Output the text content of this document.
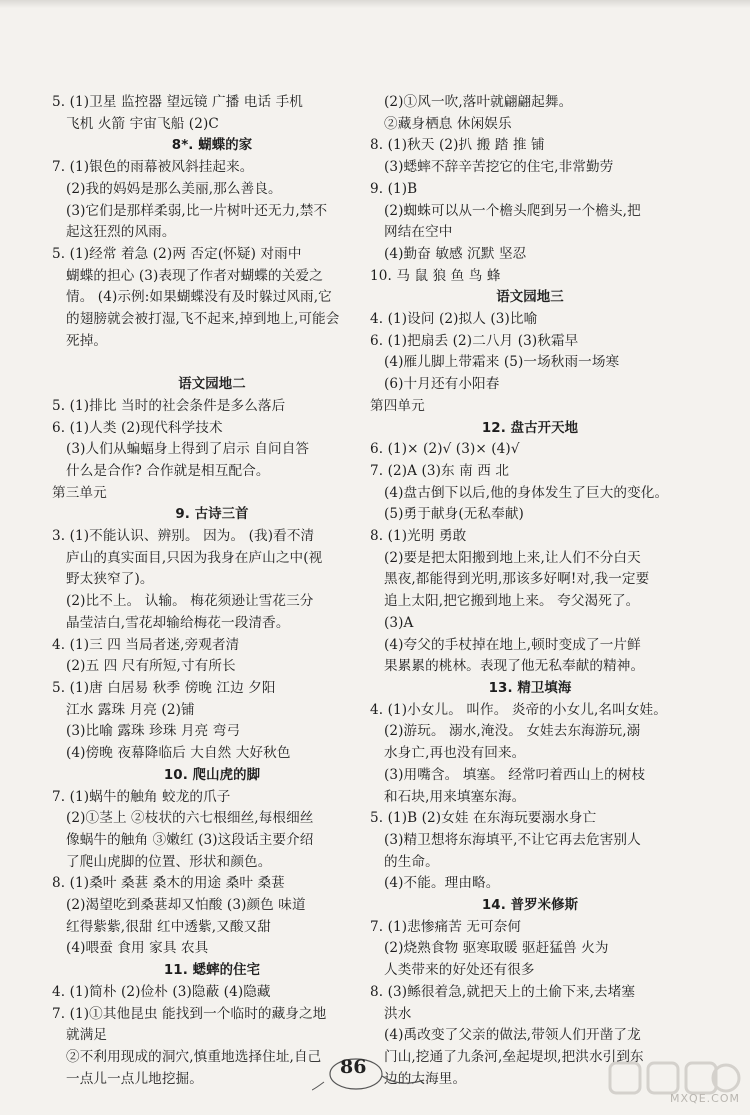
5. (1)卫星 监控器 望远镜 广播 电话 手机
飞机 火箭 宇宙飞船 (2)C
8*. 蝴蝶的家
7. (1)银色的雨幕被风斜挂起来。
(2)我的妈妈是那么美丽,那么善良。
(3)它们是那样柔弱,比一片树叶还无力,禁不
起这狂烈的风雨。
5. (1)经常 着急 (2)两 否定(怀疑) 对雨中
蝴蝶的担心 (3)表现了作者对蝴蝶的关爱之
情。 (4)示例:如果蝴蝶没有及时躲过风雨,它
的翅膀就会被打湿,飞不起来,掉到地上,可能会
死掉。

语文园地二
5. (1)排比 当时的社会条件是多么落后
6. (1)人类 (2)现代科学技术
(3)人们从蝙蝠身上得到了启示 自问自答
什么是合作? 合作就是相互配合。
第三单元
9. 古诗三首
3. (1)不能认识、辨别。 因为。 (我)看不清
庐山的真实面目,只因为我身在庐山之中(视
野太狭窄了)。
(2)比不上。 认输。 梅花须逊让雪花三分
晶莹洁白,雪花却输给梅花一段清香。
4. (1)三 四 当局者迷,旁观者清
(2)五 四 尺有所短,寸有所长
5. (1)唐 白居易 秋季 傍晚 江边 夕阳
江水 露珠 月亮 (2)铺
(3)比喻 露珠 珍珠 月亮 弯弓
(4)傍晚 夜幕降临后 大自然 大好秋色
10. 爬山虎的脚
7. (1)蜗牛的触角 蛟龙的爪子
(2)①茎上 ②枝状的六七根细丝,每根细丝
像蜗牛的触角 ③嫩红 (3)这段话主要介绍
了爬山虎脚的位置、形状和颜色。
8. (1)桑叶 桑葚 桑木的用途 桑叶 桑葚
(2)渴望吃到桑葚却又怕酸 (3)颜色 味道
红得紫紫,很甜 红中透紫,又酸又甜
(4)喂蚕 食用 家具 农具
11. 蟋蟀的住宅
4. (1)简朴 (2)俭朴 (3)隐蔽 (4)隐藏
7. (1)①其他昆虫 能找到一个临时的藏身之地
就满足
②不利用现成的洞穴,慎重地选择住址,自己
一点儿一点儿地挖掘。
(2)①风一吹,落叶就翩翩起舞。
②藏身栖息 休闲娱乐
8. (1)秋天 (2)扒 搬 踏 推 铺
(3)蟋蟀不辞辛苦挖它的住宅,非常勤劳
9. (1)B
(2)蜘蛛可以从一个檐头爬到另一个檐头,把
网结在空中
(4)勤奋 敏感 沉默 坚忍
10. 马 鼠 狼 鱼 鸟 蜂
语文园地三
4. (1)设问 (2)拟人 (3)比喻
6. (1)把扇丢 (2)二八月 (3)秋霜早
(4)雁儿脚上带霜来 (5)一场秋雨一场寒
(6)十月还有小阳春
第四单元
12. 盘古开天地
6. (1)× (2)√ (3)× (4)√
7. (2)A (3)东 南 西 北
(4)盘古倒下以后,他的身体发生了巨大的变化。
(5)勇于献身(无私奉献)
8. (1)光明 勇敢
(2)要是把太阳搬到地上来,让人们不分白天
黑夜,都能得到光明,那该多好啊!对,我一定要
追上太阳,把它搬到地上来。 夸父渴死了。
(3)A
(4)夸父的手杖掉在地上,顿时变成了一片鲜
果累累的桃林。表现了他无私奉献的精神。
13. 精卫填海
4. (1)小女儿。 叫作。 炎帝的小女儿,名叫女娃。
(2)游玩。 溺水,淹没。 女娃去东海游玩,溺
水身亡,再也没有回来。
(3)用嘴含。 填塞。 经常叼着西山上的树枝
和石块,用来填塞东海。
5. (1)B (2)女娃 在东海玩要溺水身亡
(3)精卫想将东海填平,不让它再去危害别人
的生命。
(4)不能。理由略。
14. 普罗米修斯
7. (1)悲惨痛苦 无可奈何
(2)烧熟食物 驱寒取暖 驱赶猛兽 火为
人类带来的好处还有很多
8. (3)鲧很着急,就把天上的土偷下来,去堵塞
洪水
(4)禹改变了父亲的做法,带领人们开凿了龙
门山,挖通了九条河,垒起堤坝,把洪水引到东
边的大海里。
86
MXQE.COM
